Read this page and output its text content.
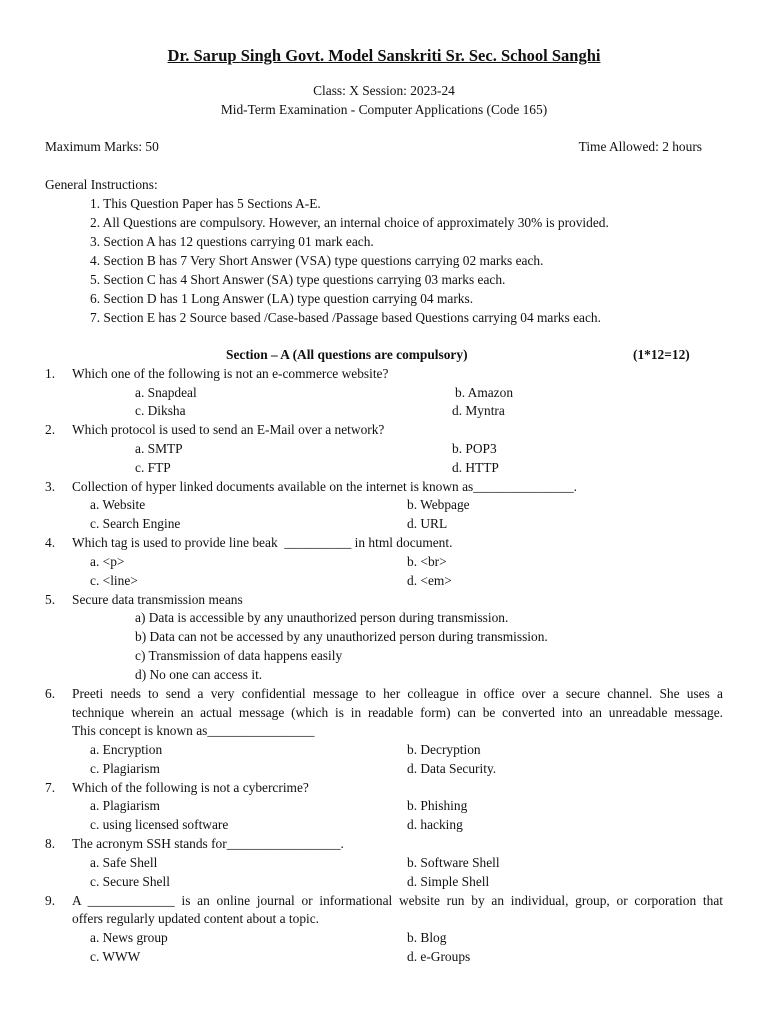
Dr. Sarup Singh Govt. Model Sanskriti Sr. Sec. School Sanghi
Class: X Session: 2023-24
Mid-Term Examination - Computer Applications (Code 165)
Maximum Marks: 50	Time Allowed: 2 hours
General Instructions:
1. This Question Paper has 5 Sections A-E.
2. All Questions are compulsory. However, an internal choice of approximately 30% is provided.
3. Section A has 12 questions carrying 01 mark each.
4. Section B has 7 Very Short Answer (VSA) type questions carrying 02 marks each.
5. Section C has 4 Short Answer (SA) type questions carrying 03 marks each.
6. Section D has 1 Long Answer (LA) type question carrying 04 marks.
7. Section E has 2 Source based /Case-based /Passage based Questions carrying 04 marks each.
Section – A (All questions are compulsory)	(1*12=12)
1. Which one of the following is not an e-commerce website?
a. Snapdeal	b. Amazon
c. Diksha	d. Myntra
2. Which protocol is used to send an E-Mail over a network?
a. SMTP	b. POP3
c. FTP	d. HTTP
3. Collection of hyper linked documents available on the internet is known as_______________.
a. Website	b. Webpage
c. Search Engine	d. URL
4. Which tag is used to provide line beak  __________ in html document.
a. <p>	b. <br>
c. <line>	d. <em>
5. Secure data transmission means
a) Data is accessible by any unauthorized person during transmission.
b) Data can not be accessed by any unauthorized person during transmission.
c) Transmission of data happens easily
d) No one can access it.
6. Preeti needs to send a very confidential message to her colleague in office over a secure channel. She uses a
technique wherein an actual message (which is in readable form) can be converted into an unreadable message.
This concept is known as________________
a. Encryption	b. Decryption
c. Plagiarism	d. Data Security.
7. Which of the following is not a cybercrime?
a. Plagiarism	b. Phishing
c. using licensed software	d. hacking
8. The acronym SSH stands for_________________.
a. Safe Shell	b. Software Shell
c. Secure Shell	d. Simple Shell
9. A _____________ is an online journal or informational website run by an individual, group, or corporation that
offers regularly updated content about a topic.
a. News group	b. Blog
c. WWW	d. e-Groups
